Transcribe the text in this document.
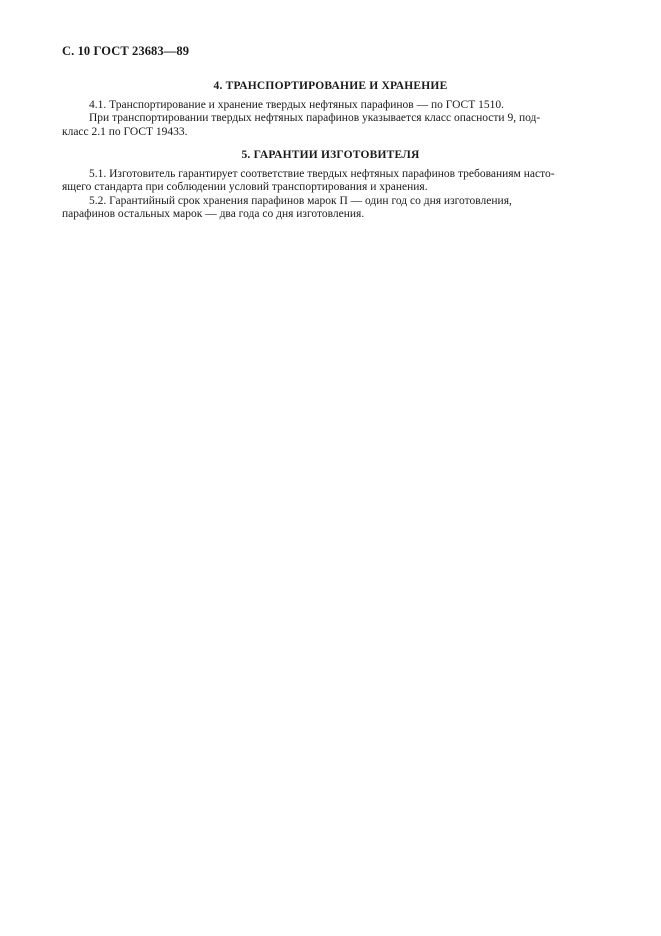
С. 10 ГОСТ 23683—89
4. ТРАНСПОРТИРОВАНИЕ И ХРАНЕНИЕ

4.1. Транспортирование и хранение твердых нефтяных парафинов — по ГОСТ 1510.

При транспортировании твердых нефтяных парафинов указывается класс опасности 9, под-

класс 2.1 по ГОСТ 19433.

5. ГАРАНТИИ ИЗГОТОВИТЕЛЯ

5.1. Изготовитель гарантирует соответствие твердых нефтяных парафинов требованиям насто-

ящего стандарта при соблюдении условий транспортирования и хранения.

5.2. Гарантийный срок хранения парафинов марок П — один год со дня изготовления,

парафинов остальных марок — два года со дня изготовления.
